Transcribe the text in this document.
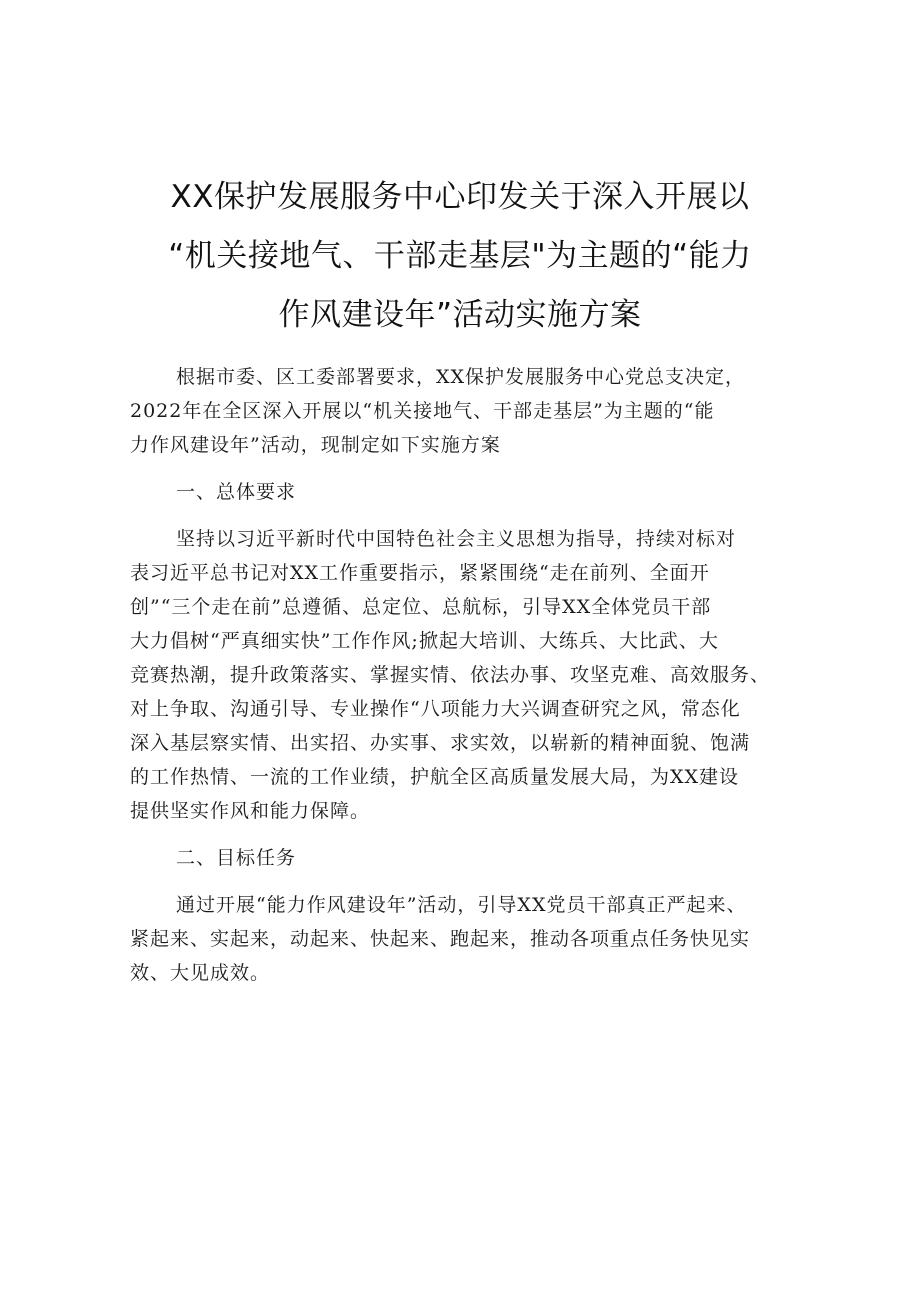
XX保护发展服务中心印发关于深入开展以
“机关接地气、干部走基层"为主题的“能力
作风建设年”活动实施方案
根据市委、区工委部署要求，XX保护发展服务中心党总支决定，
2022年在全区深入开展以“机关接地气、干部走基层”为主题的“能
力作风建设年”活动，现制定如下实施方案
一、总体要求
坚持以习近平新时代中国特色社会主义思想为指导，持续对标对
表习近平总书记对XX工作重要指示，紧紧围绕“走在前列、全面开
创”“三个走在前”总遵循、总定位、总航标，引导XX全体党员干部
大力倡树“严真细实快”工作作风;掀起大培训、大练兵、大比武、大
竞赛热潮，提升政策落实、掌握实情、依法办事、攻坚克难、高效服务、
对上争取、沟通引导、专业操作“八项能力大兴调查研究之风，常态化
深入基层察实情、出实招、办实事、求实效，以崭新的精神面貌、饱满
的工作热情、一流的工作业绩，护航全区高质量发展大局，为XX建设
提供坚实作风和能力保障。
二、目标任务
通过开展“能力作风建设年”活动，引导XX党员干部真正严起来、
紧起来、实起来，动起来、快起来、跑起来，推动各项重点任务快见实
效、大见成效。
